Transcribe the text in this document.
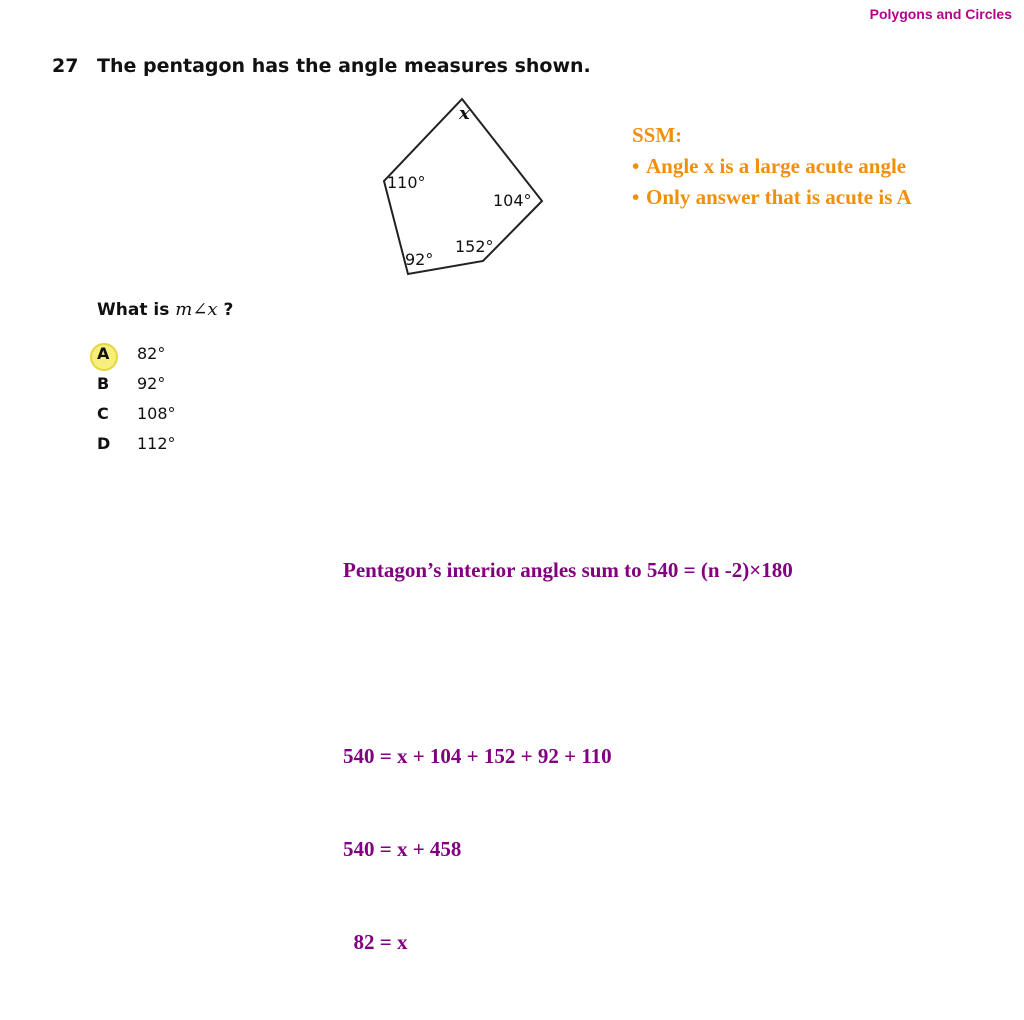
Polygons and Circles
27 The pentagon has the angle measures shown.
x
110°
104°
152°
92°
What is m∠x ?
A	82°
B	92°
C	108°
D	112°
SSM:
• Angle x is a large acute angle
• Only answer that is acute is A

Pentagon’s interior angles sum to 540 = (n -2)×180

540 = x + 104 + 152 + 92 + 110

540 = x + 458

82 = x
